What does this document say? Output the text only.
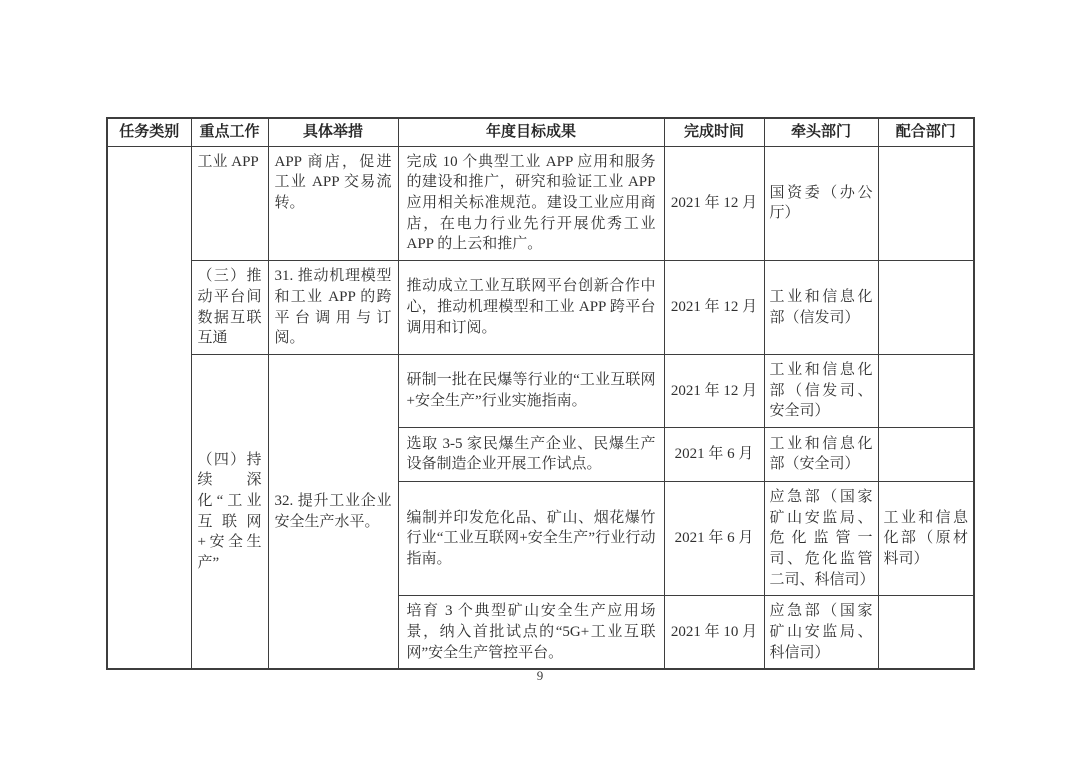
任务类别	重点工作	具体举措	年度目标成果	完成时间	牵头部门	配合部门
	工业 APP	APP 商店，促进工业 APP 交易流转。	完成 10 个典型工业 APP 应用和服务的建设和推广，研究和验证工业 APP 应用相关标准规范。建设工业应用商店，在电力行业先行开展优秀工业 APP 的上云和推广。	2021 年 12 月	国资委（办公厅）	
	（三）推动平台间数据互联互通	31. 推动机理模型和工业 APP 的跨平台调用与订阅。	推动成立工业互联网平台创新合作中心，推动机理模型和工业 APP 跨平台调用和订阅。	2021 年 12 月	工业和信息化部（信发司）	
	（四）持续深化“工业互联网+安全生产”	32. 提升工业企业安全生产水平。	研制一批在民爆等行业的“工业互联网+安全生产”行业实施指南。	2021 年 12 月	工业和信息化部（信发司、安全司）	
			选取 3-5 家民爆生产企业、民爆生产设备制造企业开展工作试点。	2021 年 6 月	工业和信息化部（安全司）	
			编制并印发危化品、矿山、烟花爆竹行业“工业互联网+安全生产”行业行动指南。	2021 年 6 月	应急部（国家矿山安监局、危化监管一司、危化监管二司、科信司）	工业和信息化部（原材料司）
			培育 3 个典型矿山安全生产应用场景，纳入首批试点的“5G+工业互联网”安全生产管控平台。	2021 年 10 月	应急部（国家矿山安监局、科信司）	
9
